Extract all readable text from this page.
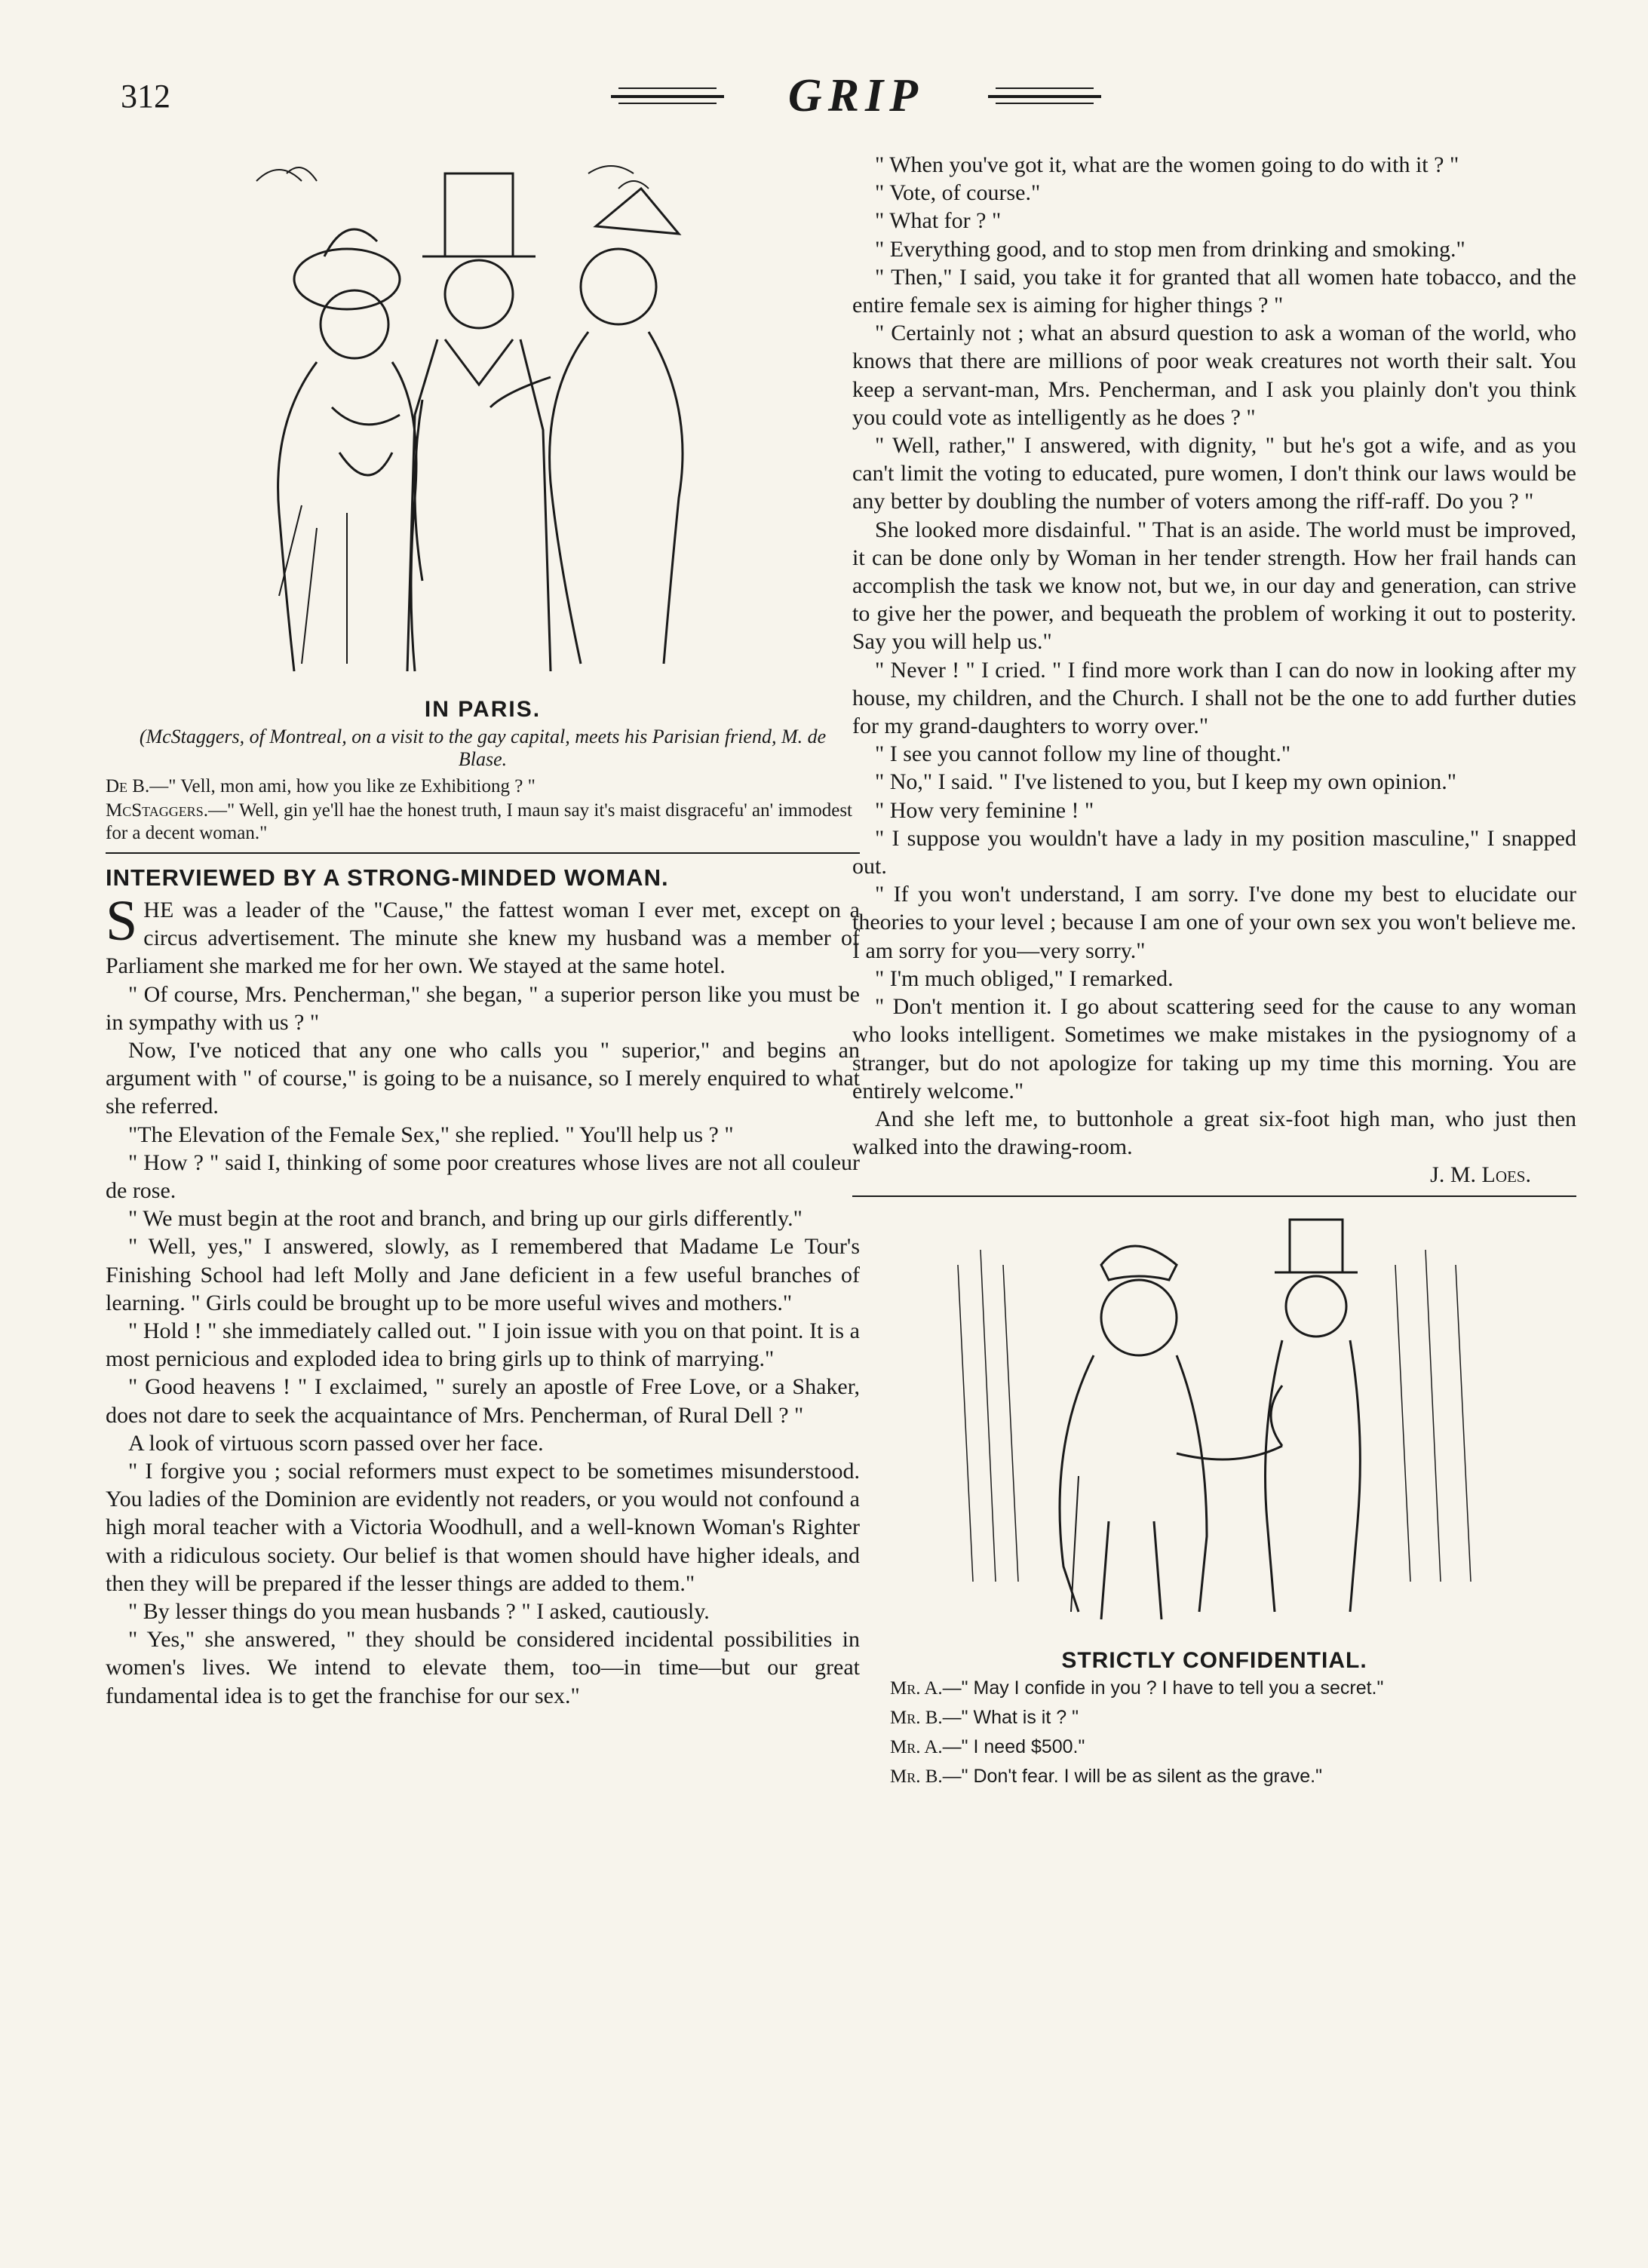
312	GRIP
IN PARIS.
(McStaggers, of Montreal, on a visit to the gay capital, meets his Parisian friend, M. de Blase.

De B.—" Vell, mon ami, how you like ze Exhibitiong ? "

McStaggers.—" Well, gin ye'll hae the honest truth, I maun say it's maist disgracefu' an' immodest for a decent woman."

INTERVIEWED BY A STRONG-MINDED WOMAN.

SHE was a leader of the "Cause," the fattest woman I ever met, except on a circus advertisement. The minute she knew my husband was a member of Parliament she marked me for her own. We stayed at the same hotel.

" Of course, Mrs. Pencherman," she began, " a superior person like you must be in sympathy with us ? "

Now, I've noticed that any one who calls you " superior," and begins an argument with " of course," is going to be a nuisance, so I merely enquired to what she referred.

"The Elevation of the Female Sex," she replied. " You'll help us ? "

" How ? " said I, thinking of some poor creatures whose lives are not all couleur de rose.

" We must begin at the root and branch, and bring up our girls differently."

" Well, yes," I answered, slowly, as I remembered that Madame Le Tour's Finishing School had left Molly and Jane deficient in a few useful branches of learning. " Girls could be brought up to be more useful wives and mothers."

" Hold ! " she immediately called out. " I join issue with you on that point. It is a most pernicious and exploded idea to bring girls up to think of marrying."

" Good heavens ! " I exclaimed, " surely an apostle of Free Love, or a Shaker, does not dare to seek the acquaintance of Mrs. Pencherman, of Rural Dell ? "

A look of virtuous scorn passed over her face.

" I forgive you ; social reformers must expect to be sometimes misunderstood. You ladies of the Dominion are evidently not readers, or you would not confound a high moral teacher with a Victoria Woodhull, and a well-known Woman's Righter with a ridiculous society. Our belief is that women should have higher ideals, and then they will be prepared if the lesser things are added to them."

" By lesser things do you mean husbands ? " I asked, cautiously.

" Yes," she answered, " they should be considered incidental possibilities in women's lives. We intend to elevate them, too—in time—but our great fundamental idea is to get the franchise for our sex."

" When you've got it, what are the women going to do with it ? "

" Vote, of course."

" What for ? "

" Everything good, and to stop men from drinking and smoking."

" Then," I said, you take it for granted that all women hate tobacco, and the entire female sex is aiming for higher things ? "

" Certainly not ; what an absurd question to ask a woman of the world, who knows that there are millions of poor weak creatures not worth their salt. You keep a servant-man, Mrs. Pencherman, and I ask you plainly don't you think you could vote as intelligently as he does ? "

" Well, rather," I answered, with dignity, " but he's got a wife, and as you can't limit the voting to educated, pure women, I don't think our laws would be any better by doubling the number of voters among the riff-raff. Do you ? "

She looked more disdainful. " That is an aside. The world must be improved, it can be done only by Woman in her tender strength. How her frail hands can accomplish the task we know not, but we, in our day and generation, can strive to give her the power, and bequeath the problem of working it out to posterity. Say you will help us."

" Never ! " I cried. " I find more work than I can do now in looking after my house, my children, and the Church. I shall not be the one to add further duties for my grand-daughters to worry over."

" I see you cannot follow my line of thought."

" No," I said. " I've listened to you, but I keep my own opinion."

" How very feminine ! "

" I suppose you wouldn't have a lady in my position masculine," I snapped out.

" If you won't understand, I am sorry. I've done my best to elucidate our theories to your level ; because I am one of your own sex you won't believe me. I am sorry for you—very sorry."

" I'm much obliged," I remarked.

" Don't mention it. I go about scattering seed for the cause to any woman who looks intelligent. Sometimes we make mistakes in the pysiognomy of a stranger, but do not apologize for taking up my time this morning. You are entirely welcome."

And she left me, to buttonhole a great six-foot high man, who just then walked into the drawing-room.

J. M. Loes.
STRICTLY CONFIDENTIAL.
Mr. A.—" May I confide in you ? I have to tell you a secret."
Mr. B.—" What is it ? "
Mr. A.—" I need $500."
Mr. B.—" Don't fear. I will be as silent as the grave."
